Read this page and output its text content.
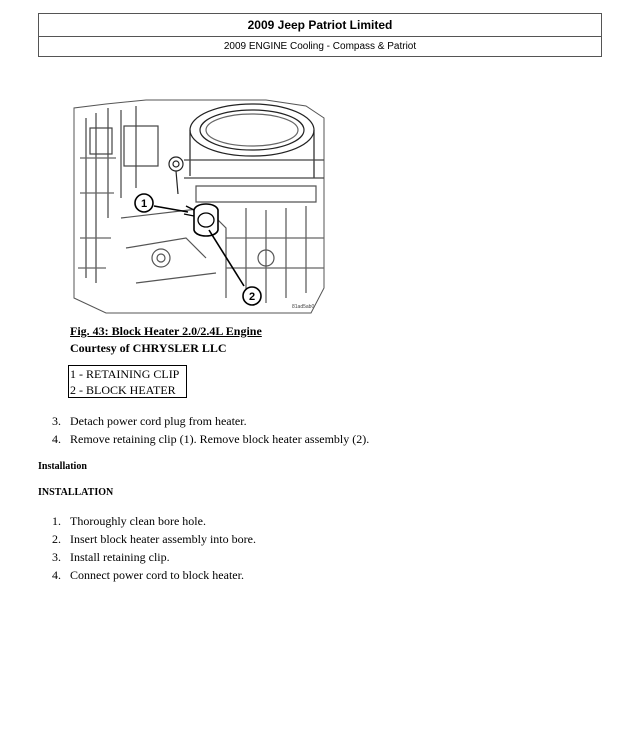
2009 Jeep Patriot Limited
2009 ENGINE Cooling - Compass & Patriot
1
2
81ad5ab0
Fig. 43: Block Heater 2.0/2.4L Engine
Courtesy of CHRYSLER LLC
1 - RETAINING CLIP
2 - BLOCK HEATER
3. Detach power cord plug from heater.
4. Remove retaining clip (1). Remove block heater assembly (2).
Installation
INSTALLATION
1. Thoroughly clean bore hole.
2. Insert block heater assembly into bore.
3. Install retaining clip.
4. Connect power cord to block heater.
